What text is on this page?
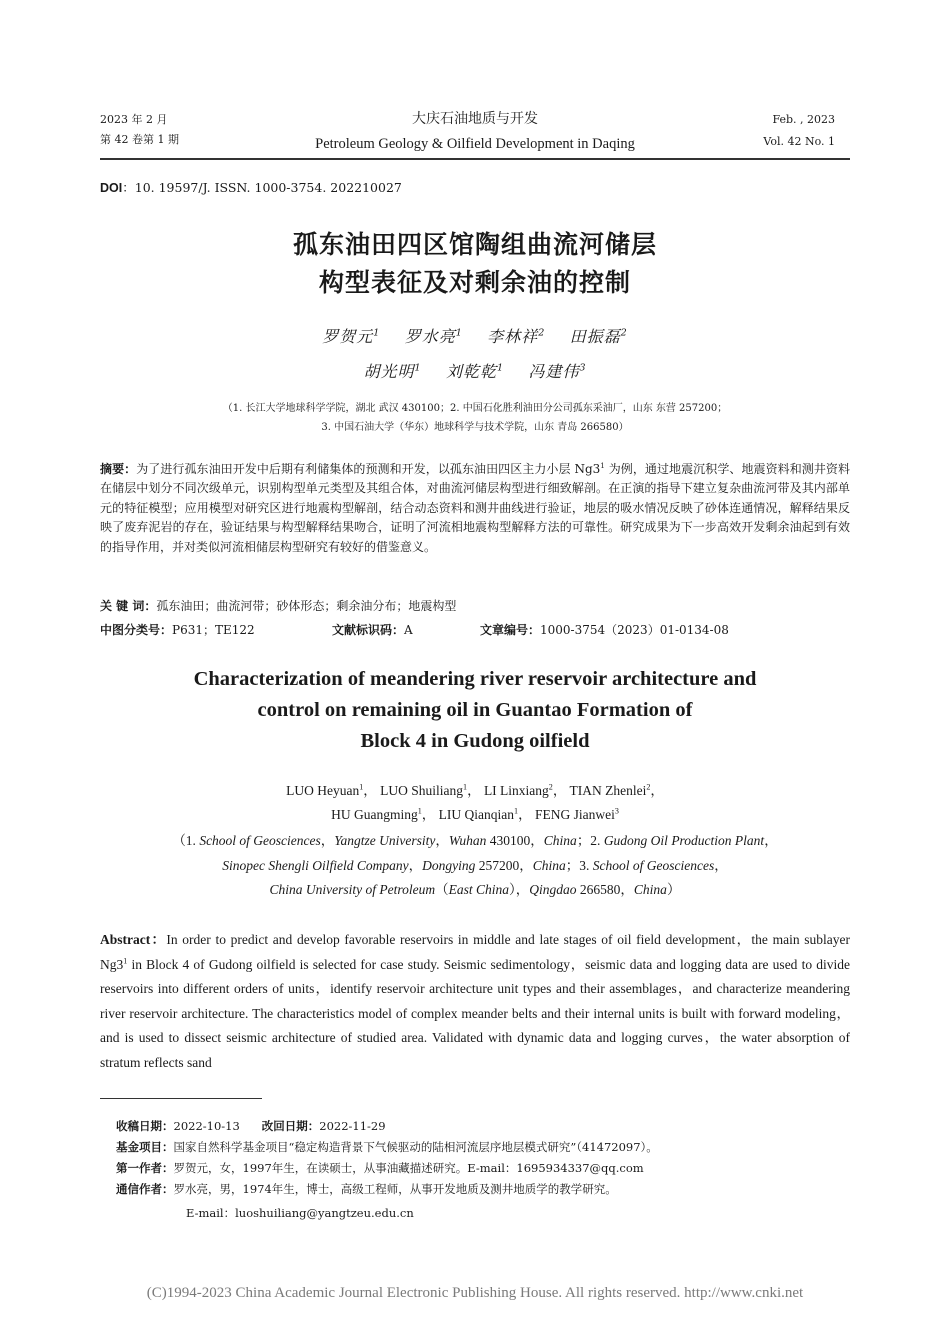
2023 年 2 月
第 42 卷第 1 期
大庆石油地质与开发
Petroleum Geology & Oilfield Development in Daqing
Feb. , 2023
Vol. 42 No. 1
DOI：10. 19597/J. ISSN. 1000-3754. 202210027
孤东油田四区馆陶组曲流河储层
构型表征及对剩余油的控制
罗贺元$^1$ 罗水亮$^1$ 李林祥$^2$ 田振磊$^2$
胡光明$^1$ 刘乾乾$^1$ 冯建伟$^3$
（1. 长江大学地球科学学院，湖北 武汉 430100；2. 中国石化胜利油田分公司孤东采油厂，山东 东营 257200；
3. 中国石油大学（华东）地球科学与技术学院，山东 青岛 266580）
摘要：为了进行孤东油田开发中后期有利储集体的预测和开发，以孤东油田四区主力小层 $Ng3^1$ 为例，通过地震沉积学、地震资料和测井资料在储层中划分不同次级单元，识别构型单元类型及其组合体，对曲流河储层构型进行细致解剖。在正演的指导下建立复杂曲流河带及其内部单元的特征模型；应用模型对研究区进行地震构型解剖，结合动态资料和测井曲线进行验证，地层的吸水情况反映了砂体连通情况，解释结果反映了废弃泥岩的存在，验证结果与构型解释结果吻合，证明了河流相地震构型解释方法的可靠性。研究成果为下一步高效开发剩余油起到有效的指导作用，并对类似河流相储层构型研究有较好的借鉴意义。
关 键 词：孤东油田；曲流河带；砂体形态；剩余油分布；地震构型
中图分类号：P631；TE122	文献标识码：A	文章编号：1000-3754（2023）01-0134-08
Characterization of meandering river reservoir architecture and
control on remaining oil in Guantao Formation of
Block 4 in Gudong oilfield
LUO Heyuan$^1$， LUO Shuiliang$^1$， LI Linxiang$^2$， TIAN Zhenlei$^2$，
HU Guangming$^1$， LIU Qianqian$^1$， FENG Jianwei$^3$
（1. School of Geosciences，Yangtze University，Wuhan 430100，China；2. Gudong Oil Production Plant，
Sinopec Shengli Oilfield Company，Dongying 257200，China；3. School of Geosciences，
China University of Petroleum（East China），Qingdao 266580，China）
Abstract：In order to predict and develop favorable reservoirs in middle and late stages of oil field development，the main sublayer $Ng3^1$ in Block 4 of Gudong oilfield is selected for case study. Seismic sedimentology，seismic data and logging data are used to divide reservoirs into different orders of units，identify reservoir architecture unit types and their assemblages，and characterize meandering river reservoir architecture. The characteristics model of complex meander belts and their internal units is built with forward modeling，and is used to dissect seismic architecture of studied area. Validated with dynamic data and logging curves，the water absorption of stratum reflects sand
收稿日期：2022-10-13 改回日期：2022-11-29
基金项目：国家自然科学基金项目“稳定构造背景下气候驱动的陆相河流层序地层模式研究”（41472097）。
第一作者：罗贺元，女，1997年生，在读硕士，从事油藏描述研究。E-mail：1695934337@qq.com
通信作者：罗水亮，男，1974年生，博士，高级工程师，从事开发地质及测井地质学的教学研究。
E-mail：luoshuiliang@yangtzeu.edu.cn
(C)1994-2023 China Academic Journal Electronic Publishing House. All rights reserved. http://www.cnki.net
